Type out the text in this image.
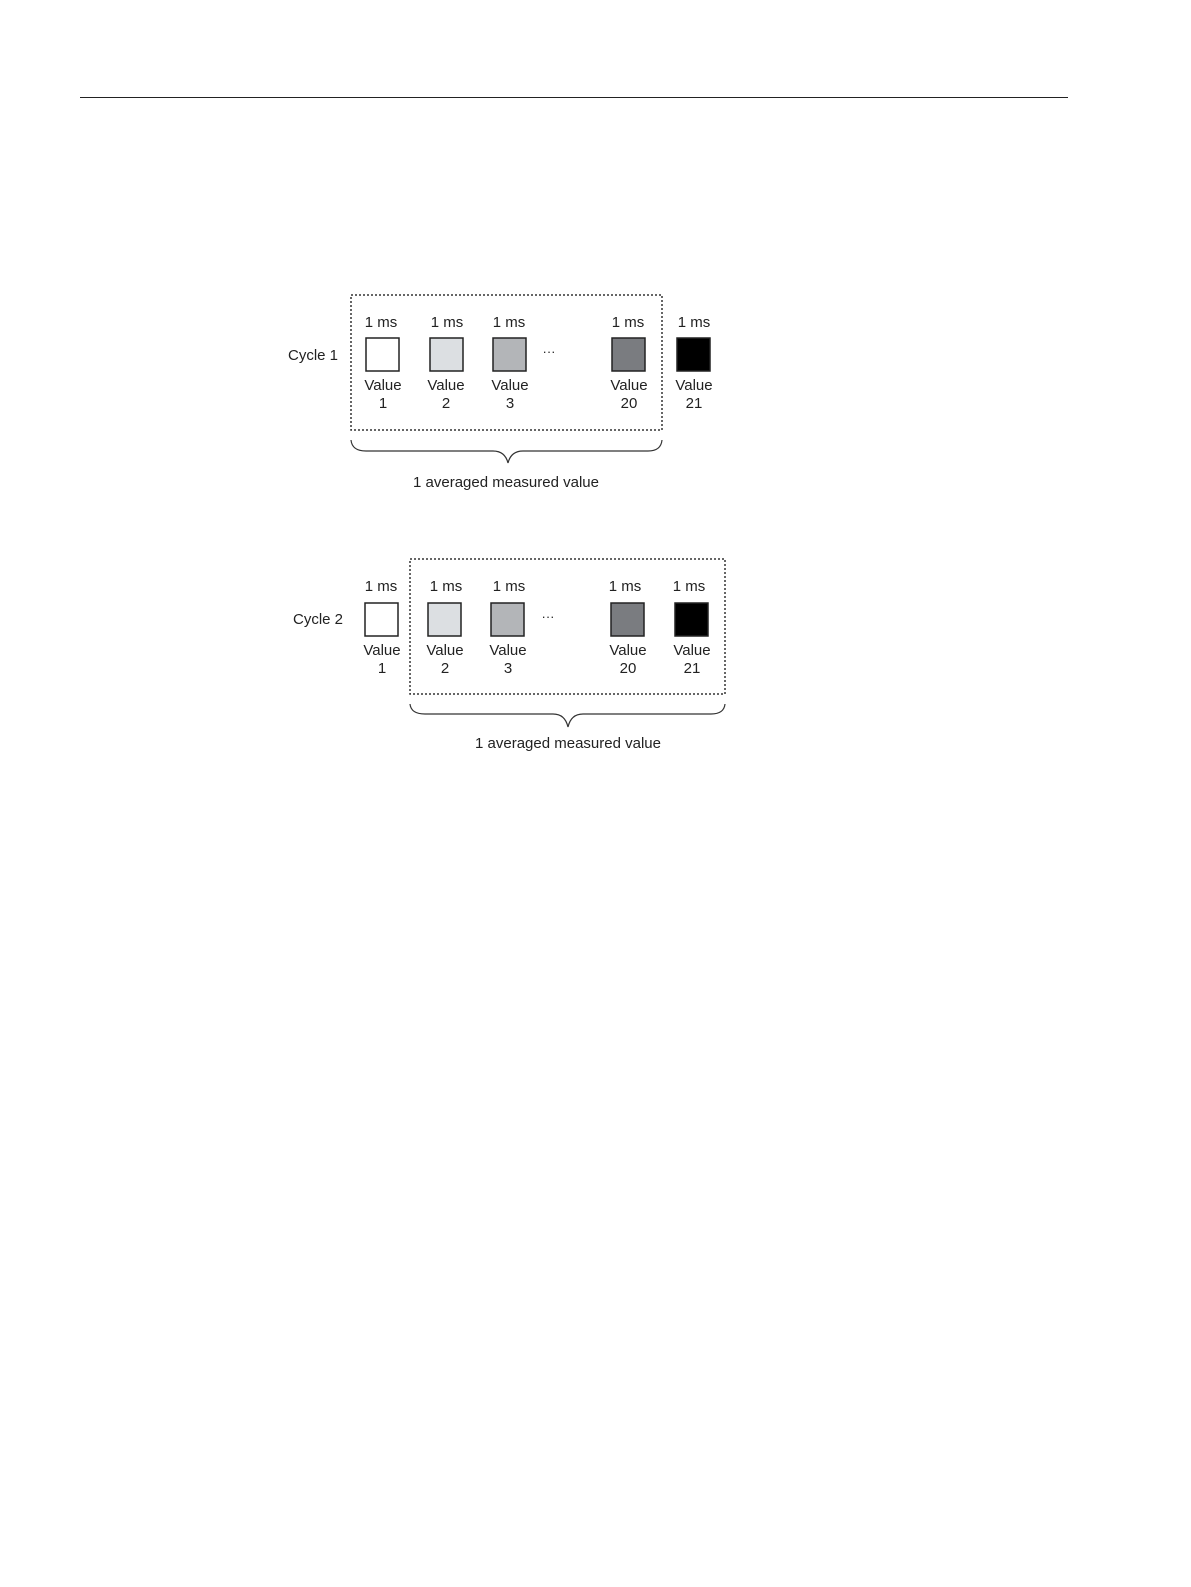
Cycle 1
1 ms
Value
1
1 ms
Value
2
1 ms
Value
3
···
1 ms
Value
20
1 ms
Value
21
1 averaged measured value
Cycle 2
1 ms
Value
1
1 ms
Value
2
1 ms
Value
3
···
1 ms
Value
20
1 ms
Value
21
1 averaged measured value
